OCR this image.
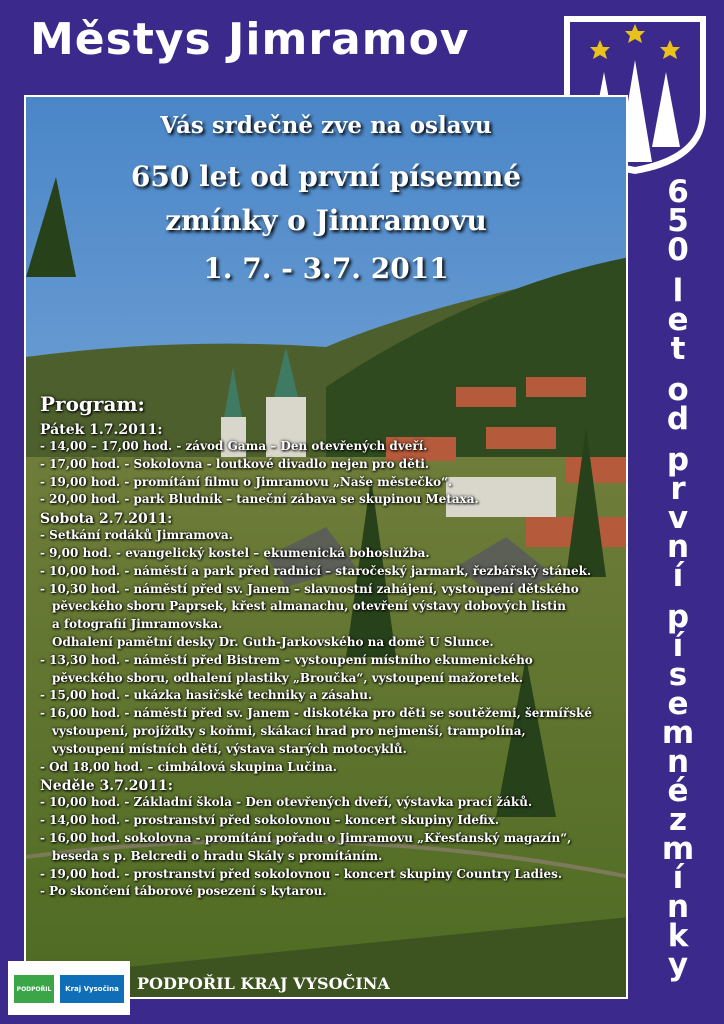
Městys Jimramov
6
5
0

l
e
t

o
d

p
r
v
n
í

p
í
s
e
m
n
é
z
m
í
n
k
y
Vás srdečně zve na oslavu
650 let od první písemné
zmínky o Jimramovu
1. 7. - 3.7. 2011
Program:
Pátek 1.7.2011:
- 14,00 – 17,00 hod. - závod Gama – Den otevřených dveří.
- 17,00 hod. - Sokolovna - loutkové divadlo nejen pro děti.
- 19,00 hod. - promítání filmu o Jimramovu „Naše městečko“.
- 20,00 hod. - park Bludník – taneční zábava se skupinou Metaxa.
Sobota 2.7.2011:
- Setkání rodáků Jimramova.
- 9,00 hod. - evangelický kostel – ekumenická bohoslužba.
- 10,00 hod. - náměstí a park před radnicí – staročeský jarmark, řezbářský stánek.
- 10,30 hod. - náměstí před sv. Janem – slavnostní zahájení, vystoupení dětského
pěveckého sboru Paprsek, křest almanachu, otevření výstavy dobových listin
a fotografií Jimramovska.
Odhalení pamětní desky Dr. Guth-Jarkovského na domě U Slunce.
- 13,30 hod. - náměstí před Bistrem – vystoupení místního ekumenického
pěveckého sboru, odhalení plastiky „Broučka“, vystoupení mažoretek.
- 15,00 hod. - ukázka hasičské techniky a zásahu.
- 16,00 hod. - náměstí před sv. Janem - diskotéka pro děti se soutěžemi, šermířské
vystoupení, projížďky s koňmi, skákací hrad pro nejmenší, trampolína,
vystoupení místních dětí, výstava starých motocyklů.
- Od 18,00 hod. – cimbálová skupina Lučina.
Neděle 3.7.2011:
- 10,00 hod. - Základní škola - Den otevřených dveří, výstavka prací žáků.
- 14,00 hod. - prostranství před sokolovnou – koncert skupiny Idefix.
- 16,00 hod. sokolovna - promítání pořadu o Jimramovu „Křesťanský magazín“,
beseda s p. Belcredi o hradu Skály s promítáním.
- 19,00 hod. - prostranství před sokolovnou - koncert skupiny Country Ladies.
- Po skončení táborové posezení s kytarou.
PODPOŘIL	Kraj Vysočina	PODPOŘIL KRAJ VYSOČINA
